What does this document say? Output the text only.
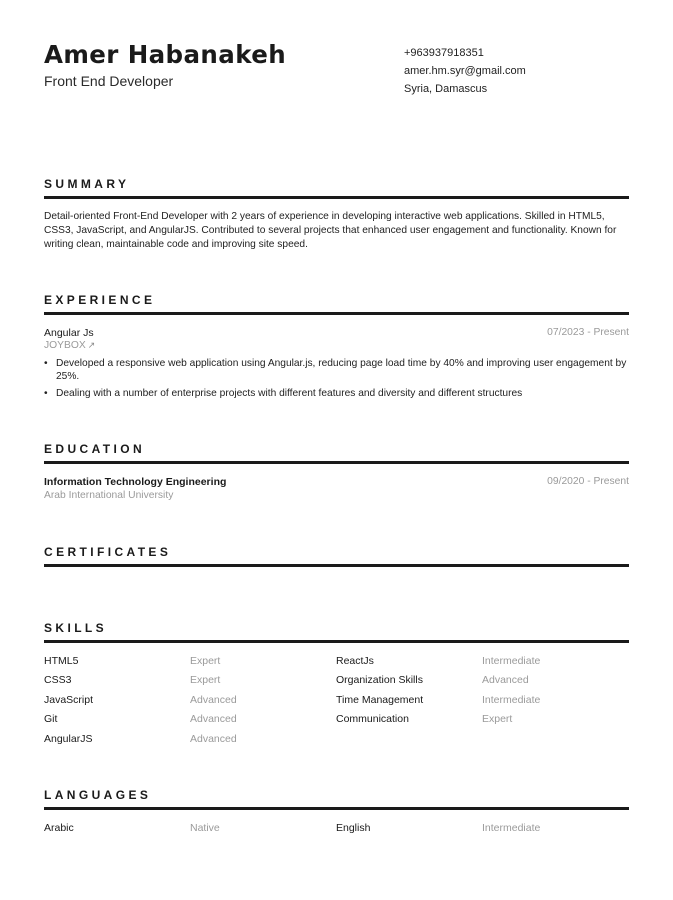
Amer Habanakeh
Front End Developer
+963937918351
amer.hm.syr@gmail.com
Syria, Damascus
SUMMARY
Detail-oriented Front-End Developer with 2 years of experience in developing interactive web applications. Skilled in HTML5, CSS3, JavaScript, and AngularJS. Contributed to several projects that enhanced user engagement and functionality. Known for writing clean, maintainable code and improving site speed.
EXPERIENCE
Angular Js	07/2023 - Present
JOYBOX ↗
• Developed a responsive web application using Angular.js, reducing page load time by 40% and improving user engagement by 25%.
• Dealing with a number of enterprise projects with different features and diversity and different structures
EDUCATION
Information Technology Engineering	09/2020 - Present
Arab International University
CERTIFICATES
SKILLS
HTML5	Expert	ReactJs	Intermediate
CSS3	Expert	Organization Skills	Advanced
JavaScript	Advanced	Time Management	Intermediate
Git	Advanced	Communication	Expert
AngularJS	Advanced
LANGUAGES
Arabic	Native	English	Intermediate
